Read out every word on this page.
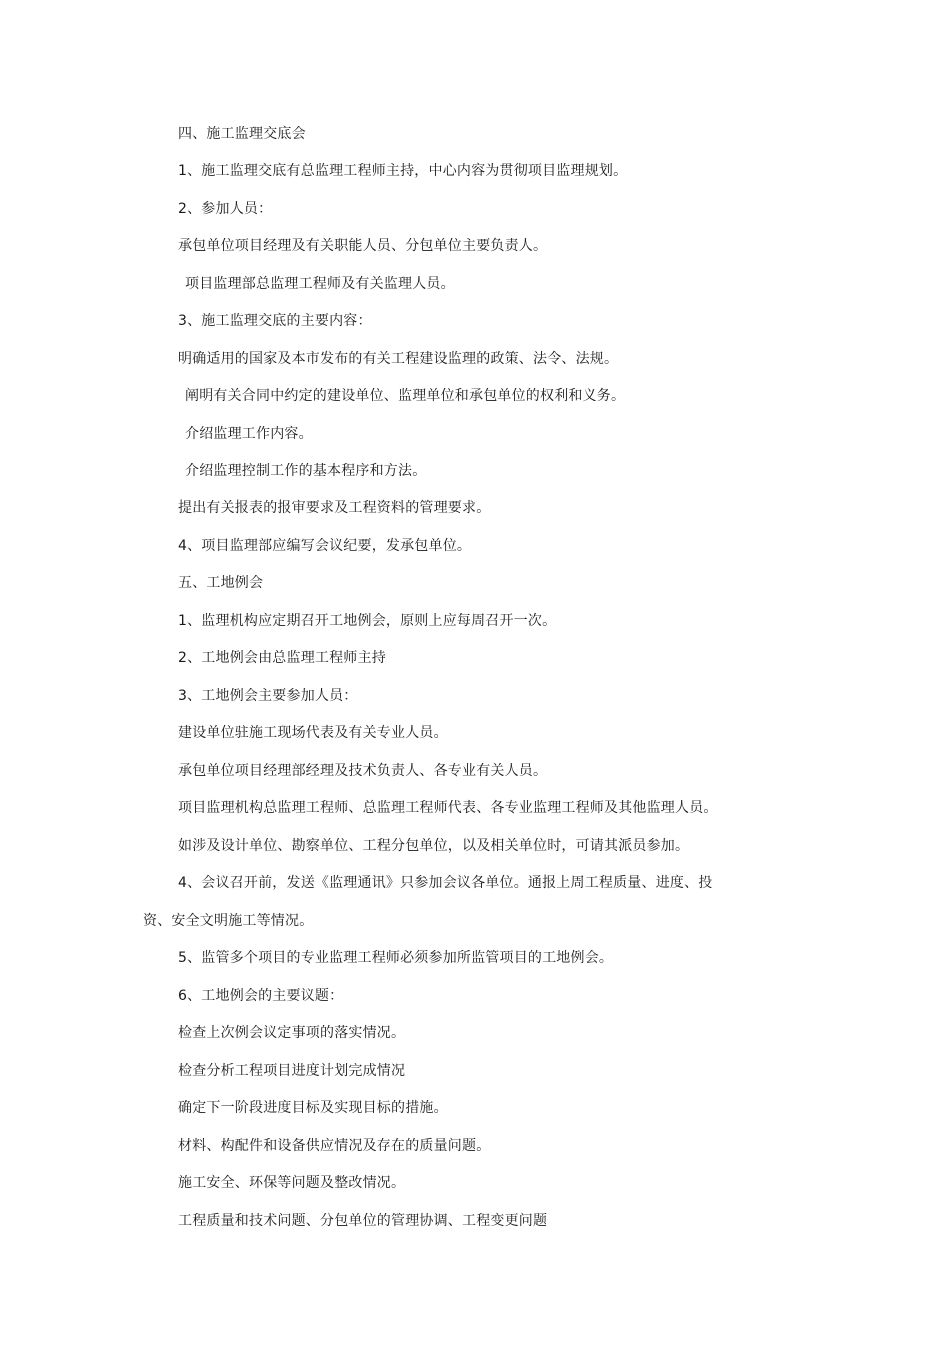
四、施工监理交底会
1、施工监理交底有总监理工程师主持，中心内容为贯彻项目监理规划。
2、参加人员：
承包单位项目经理及有关职能人员、分包单位主要负责人。
项目监理部总监理工程师及有关监理人员。
3、施工监理交底的主要内容：
明确适用的国家及本市发布的有关工程建设监理的政策、法令、法规。
阐明有关合同中约定的建设单位、监理单位和承包单位的权利和义务。
介绍监理工作内容。
介绍监理控制工作的基本程序和方法。
提出有关报表的报审要求及工程资料的管理要求。
4、项目监理部应编写会议纪要，发承包单位。
五、工地例会
1、监理机构应定期召开工地例会，原则上应每周召开一次。
2、工地例会由总监理工程师主持
3、工地例会主要参加人员：
建设单位驻施工现场代表及有关专业人员。
承包单位项目经理部经理及技术负责人、各专业有关人员。
项目监理机构总监理工程师、总监理工程师代表、各专业监理工程师及其他监理人员。
如涉及设计单位、勘察单位、工程分包单位，以及相关单位时，可请其派员参加。
4、会议召开前，发送《监理通讯》只参加会议各单位。通报上周工程质量、进度、投
资、安全文明施工等情况。
5、监管多个项目的专业监理工程师必须参加所监管项目的工地例会。
6、工地例会的主要议题：
检查上次例会议定事项的落实情况。
检查分析工程项目进度计划完成情况
确定下一阶段进度目标及实现目标的措施。
材料、构配件和设备供应情况及存在的质量问题。
施工安全、环保等问题及整改情况。
工程质量和技术问题、分包单位的管理协调、工程变更问题
